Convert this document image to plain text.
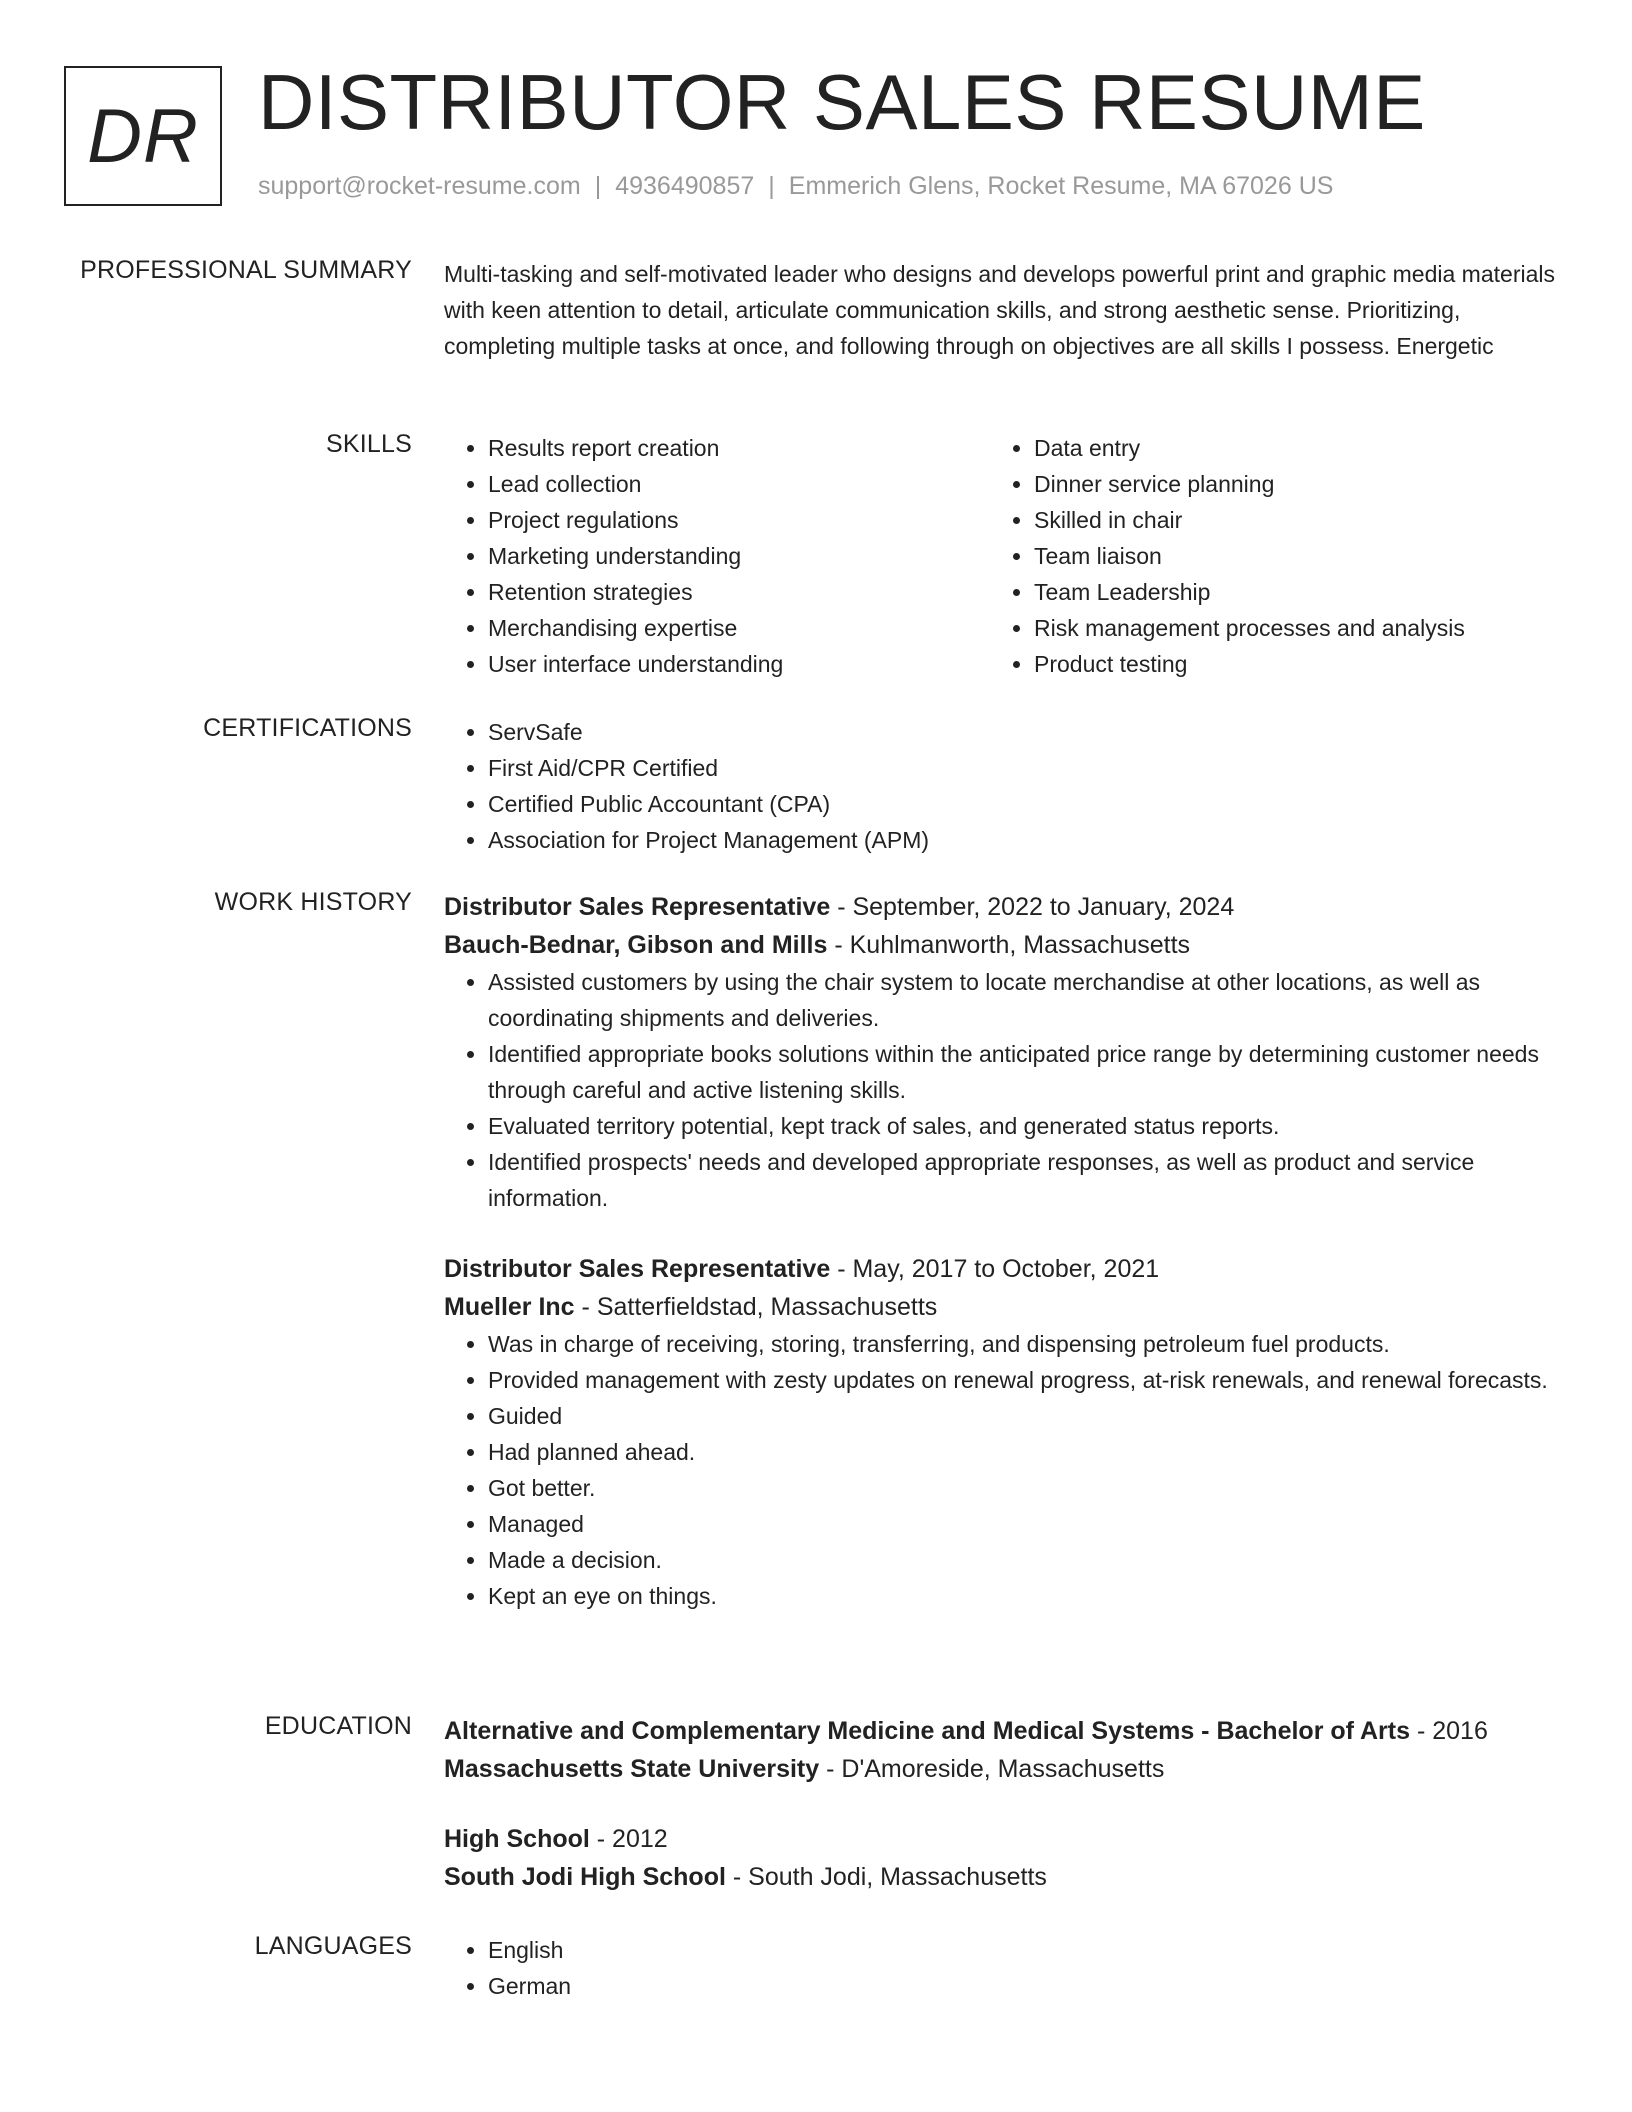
DR DISTRIBUTOR SALES RESUME
support@rocket-resume.com | 4936490857 | Emmerich Glens, Rocket Resume, MA 67026 US
PROFESSIONAL SUMMARY Multi-tasking and self-motivated leader who designs and develops powerful print and graphic media materials with keen attention to detail, articulate communication skills, and strong aesthetic sense. Prioritizing, completing multiple tasks at once, and following through on objectives are all skills I possess. Energetic

SKILLS	• Results report creation
• Lead collection
• Project regulations
• Marketing understanding
• Retention strategies
• Merchandising expertise
• User interface understanding
• Data entry
• Dinner service planning
• Skilled in chair
• Team liaison
• Team Leadership
• Risk management processes and analysis
• Product testing
CERTIFICATIONS	• ServSafe
• First Aid/CPR Certified
• Certified Public Accountant (CPA)
• Association for Project Management (APM)
WORK HISTORY Distributor Sales Representative - September, 2022 to January, 2024
Bauch-Bednar, Gibson and Mills - Kuhlmanworth, Massachusetts
• Assisted customers by using the chair system to locate merchandise at other locations, as well as coordinating shipments and deliveries.
• Identified appropriate books solutions within the anticipated price range by determining customer needs through careful and active listening skills.
• Evaluated territory potential, kept track of sales, and generated status reports.
• Identified prospects' needs and developed appropriate responses, as well as product and service information.
Distributor Sales Representative - May, 2017 to October, 2021
Mueller Inc - Satterfieldstad, Massachusetts
• Was in charge of receiving, storing, transferring, and dispensing petroleum fuel products.
• Provided management with zesty updates on renewal progress, at-risk renewals, and renewal forecasts.
• Guided
• Had planned ahead.
• Got better.
• Managed
• Made a decision.
• Kept an eye on things.
EDUCATION Alternative and Complementary Medicine and Medical Systems - Bachelor of Arts - 2016
Massachusetts State University - D'Amoreside, Massachusetts
High School - 2012
South Jodi High School - South Jodi, Massachusetts
LANGUAGES	• English
• German
